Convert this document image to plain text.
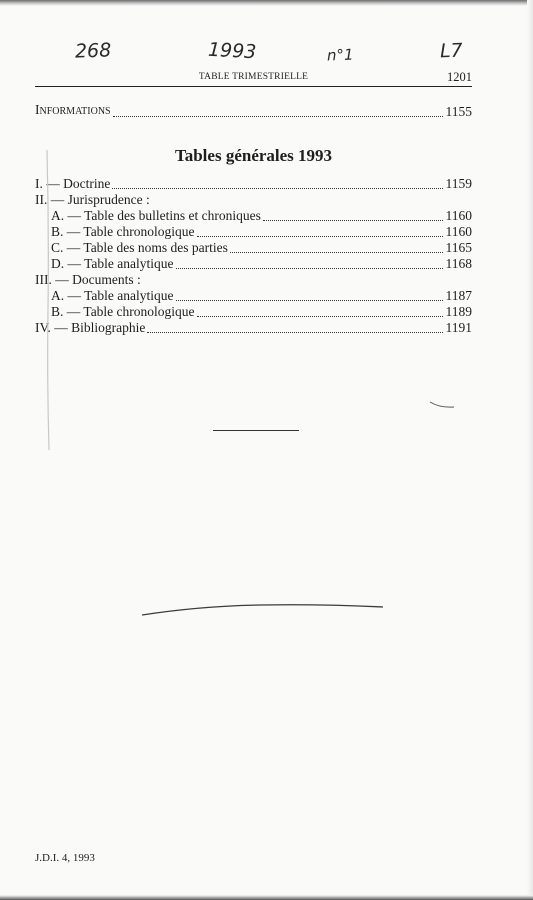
268	1993	n°1	L7
TABLE TRIMESTRIELLE	1201
INFORMATIONS	1155
Tables générales 1993
I. — Doctrine	1159
II. — Jurisprudence :
A. — Table des bulletins et chroniques	1160
B. — Table chronologique	1160
C. — Table des noms des parties	1165
D. — Table analytique	1168
III. — Documents :
A. — Table analytique	1187
B. — Table chronologique	1189
IV. — Bibliographie	1191
J.D.I. 4, 1993
